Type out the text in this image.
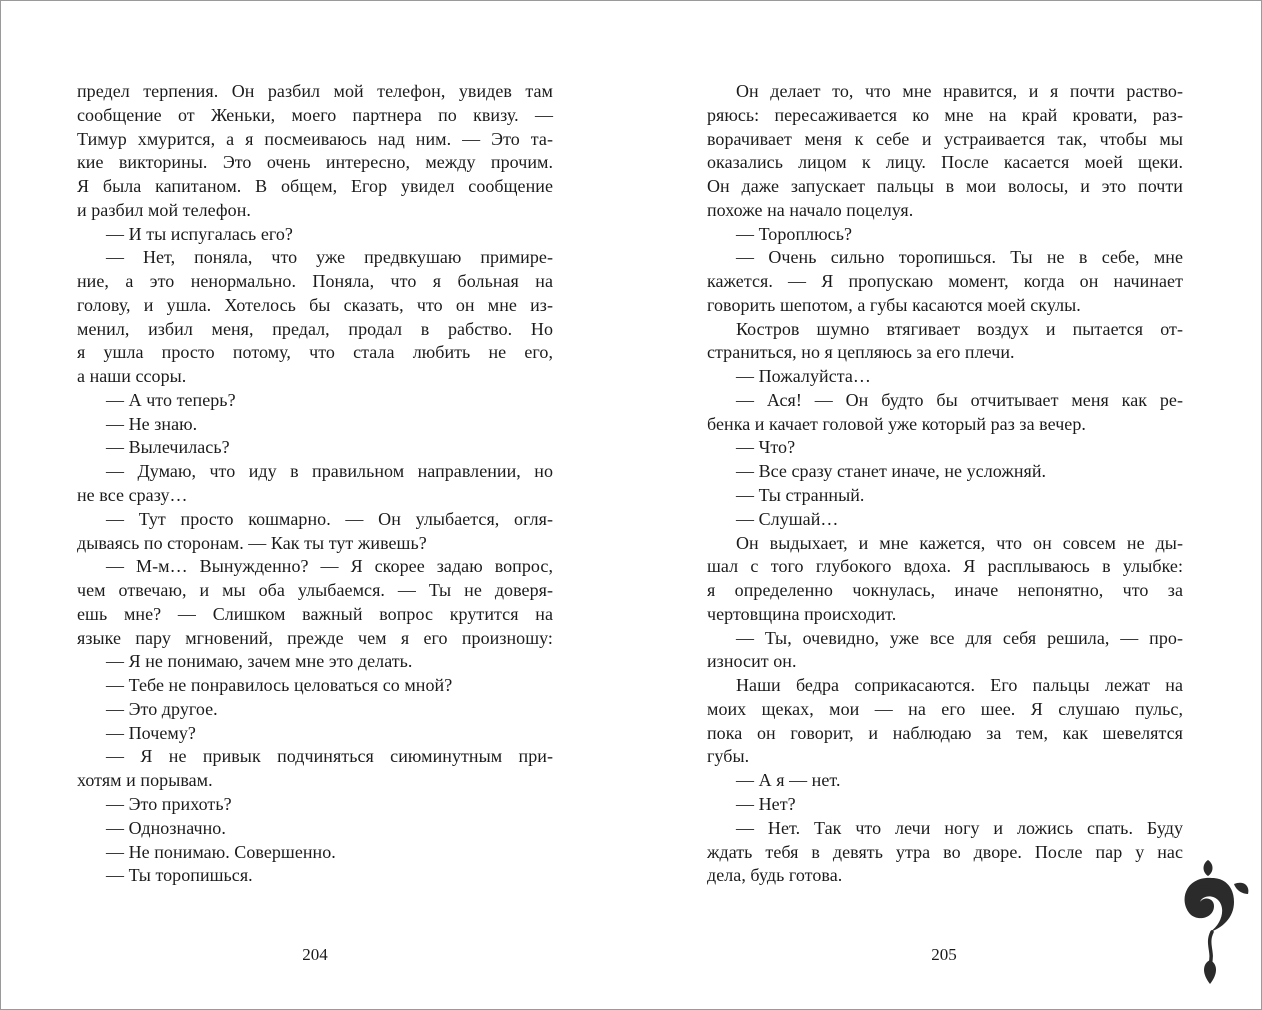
предел терпения. Он разбил мой телефон, увидев там
сообщение от Женьки, моего партнера по квизу. —
Тимур хмурится, а я посмеиваюсь над ним. — Это та-
кие викторины. Это очень интересно, между прочим.
Я была капитаном. В общем, Егор увидел сообщение
и разбил мой телефон.
— И ты испугалась его?
— Нет, поняла, что уже предвкушаю примире-
ние, а это ненормально. Поняла, что я больная на
голову, и ушла. Хотелось бы сказать, что он мне из-
менил, избил меня, предал, продал в рабство. Но
я ушла просто потому, что стала любить не его,
а наши ссоры.
— А что теперь?
— Не знаю.
— Вылечилась?
— Думаю, что иду в правильном направлении, но
не все сразу…
— Тут просто кошмарно. — Он улыбается, огля-
дываясь по сторонам. — Как ты тут живешь?
— М-м… Вынужденно? — Я скорее задаю вопрос,
чем отвечаю, и мы оба улыбаемся. — Ты не доверя-
ешь мне? — Слишком важный вопрос крутится на
языке пару мгновений, прежде чем я его произношу:
— Я не понимаю, зачем мне это делать.
— Тебе не понравилось целоваться со мной?
— Это другое.
— Почему?
— Я не привык подчиняться сиюминутным при-
хотям и порывам.
— Это прихоть?
— Однозначно.
— Не понимаю. Совершенно.
— Ты торопишься.
Он делает то, что мне нравится, и я почти раство-
ряюсь: пересаживается ко мне на край кровати, раз-
ворачивает меня к себе и устраивается так, чтобы мы
оказались лицом к лицу. После касается моей щеки.
Он даже запускает пальцы в мои волосы, и это почти
похоже на начало поцелуя.
— Тороплюсь?
— Очень сильно торопишься. Ты не в себе, мне
кажется. — Я пропускаю момент, когда он начинает
говорить шепотом, а губы касаются моей скулы.
Костров шумно втягивает воздух и пытается от-
страниться, но я цепляюсь за его плечи.
— Пожалуйста…
— Ася! — Он будто бы отчитывает меня как ре-
бенка и качает головой уже который раз за вечер.
— Что?
— Все сразу станет иначе, не усложняй.
— Ты странный.
— Слушай…
Он выдыхает, и мне кажется, что он совсем не ды-
шал с того глубокого вдоха. Я расплываюсь в улыбке:
я определенно чокнулась, иначе непонятно, что за
чертовщина происходит.
— Ты, очевидно, уже все для себя решила, — про-
износит он.
Наши бедра соприкасаются. Его пальцы лежат на
моих щеках, мои — на его шее. Я слушаю пульс,
пока он говорит, и наблюдаю за тем, как шевелятся
губы.
— А я — нет.
— Нет?
— Нет. Так что лечи ногу и ложись спать. Буду
ждать тебя в девять утра во дворе. После пар у нас
дела, будь готова.
204	205
